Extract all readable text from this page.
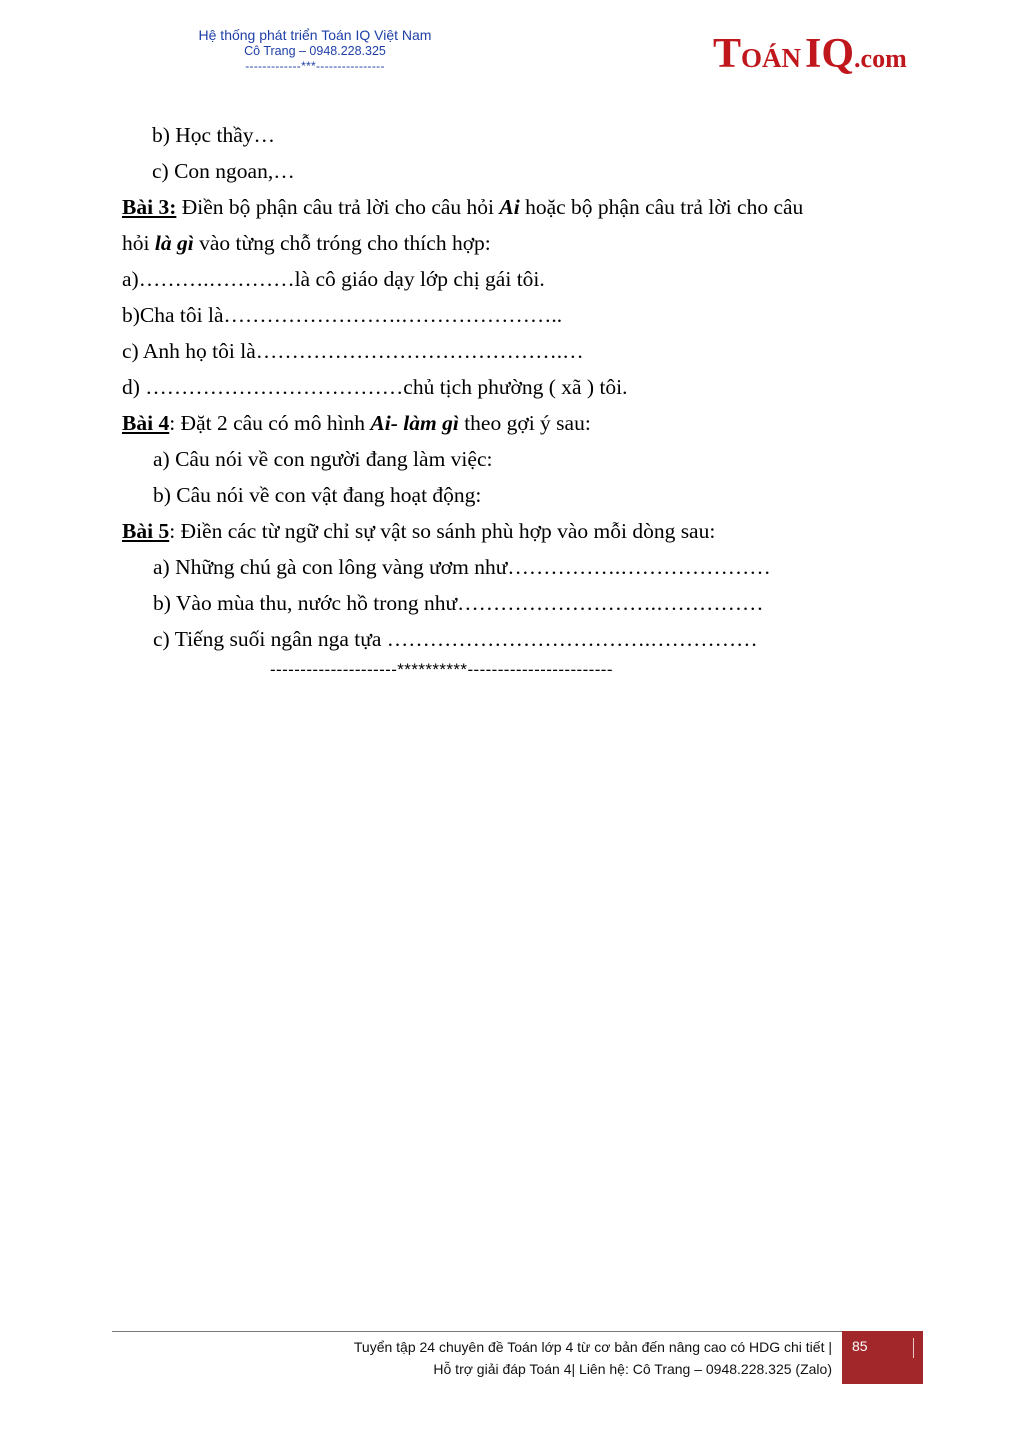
Hệ thống phát triển Toán IQ Việt Nam
Cô Trang – 0948.228.325
-------------***----------------	TOÁNIQ.com
b) Học thầy…
c) Con ngoan,…
Bài 3: Điền bộ phận câu trả lời cho câu hỏi Ai hoặc bộ phận câu trả lời cho câu
hỏi là gì vào từng chỗ tróng cho thích hợp:
a)……….…………là cô giáo dạy lớp chị gái tôi.
b)Cha tôi là…………………….…………………..
c) Anh họ tôi là…………………………………….…
d) ………………………………chủ tịch phường ( xã ) tôi.
Bài 4: Đặt 2 câu có mô hình Ai- làm gì theo gợi ý sau:
a) Câu nói về con người đang làm việc:
b) Câu nói về con vật đang hoạt động:
Bài 5: Điền các từ ngữ chỉ sự vật so sánh phù hợp vào mỗi dòng sau:
a) Những chú gà con lông vàng ươm như…………….…………………
b) Vào mùa thu, nước hồ trong như……………………….……………
c) Tiếng suối ngân nga tựa ……………………………….……………
---------------------**********------------------------
Tuyển tập 24 chuyên đề Toán lớp 4 từ cơ bản đến nâng cao có HDG chi tiết |
Hỗ trợ giải đáp Toán 4| Liên hệ: Cô Trang – 0948.228.325 (Zalo)
85
